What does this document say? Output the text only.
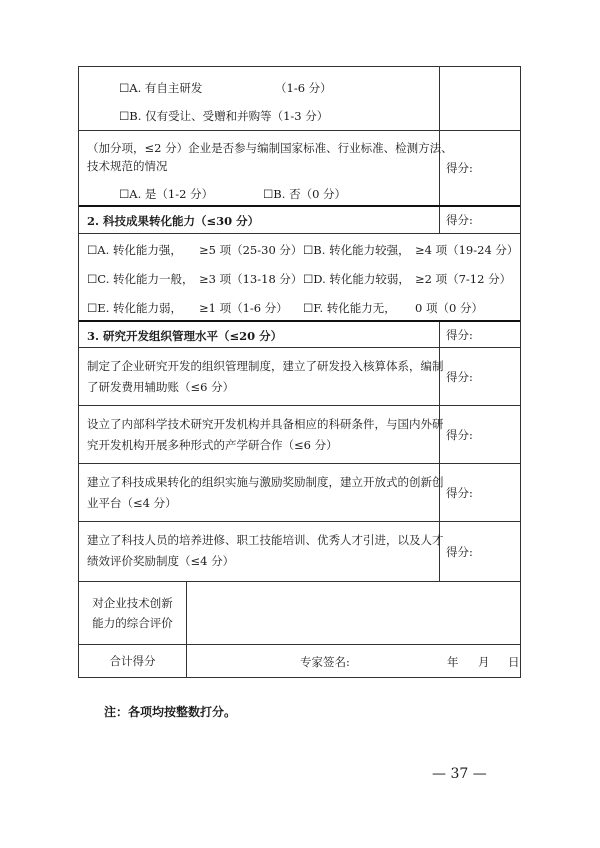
☐A. 有自主研发	（1-6 分）
☐B. 仅有受让、受赠和并购等（1-3 分）
（加分项，≤2 分）企业是否参与编制国家标准、行业标准、检测方法、
技术规范的情况
☐A. 是（1-2 分）	☐B. 否（0 分）
得分:
2. 科技成果转化能力（≤30 分）	得分:
☐A. 转化能力强， ≥5 项（25-30 分） ☐B. 转化能力较强， ≥4 项（19-24 分）
☐C. 转化能力一般， ≥3 项（13-18 分） ☐D. 转化能力较弱， ≥2 项（7-12 分）
☐E. 转化能力弱， ≥1 项（1-6 分） ☐F. 转化能力无， 0 项（0 分）
3. 研究开发组织管理水平（≤20 分）	得分:
制定了企业研究开发的组织管理制度，建立了研发投入核算体系，编制
了研发费用辅助账（≤6 分）
得分:
设立了内部科学技术研究开发机构并具备相应的科研条件，与国内外研
究开发机构开展多种形式的产学研合作（≤6 分）
得分:
建立了科技成果转化的组织实施与激励奖励制度，建立开放式的创新创
业平台（≤4 分）
得分:
建立了科技人员的培养进修、职工技能培训、优秀人才引进，以及人才
绩效评价奖励制度（≤4 分）
得分:
对企业技术创新能力的综合评价
合计得分	专家签名:	年 月 日
注：各项均按整数打分。
— 37 —
